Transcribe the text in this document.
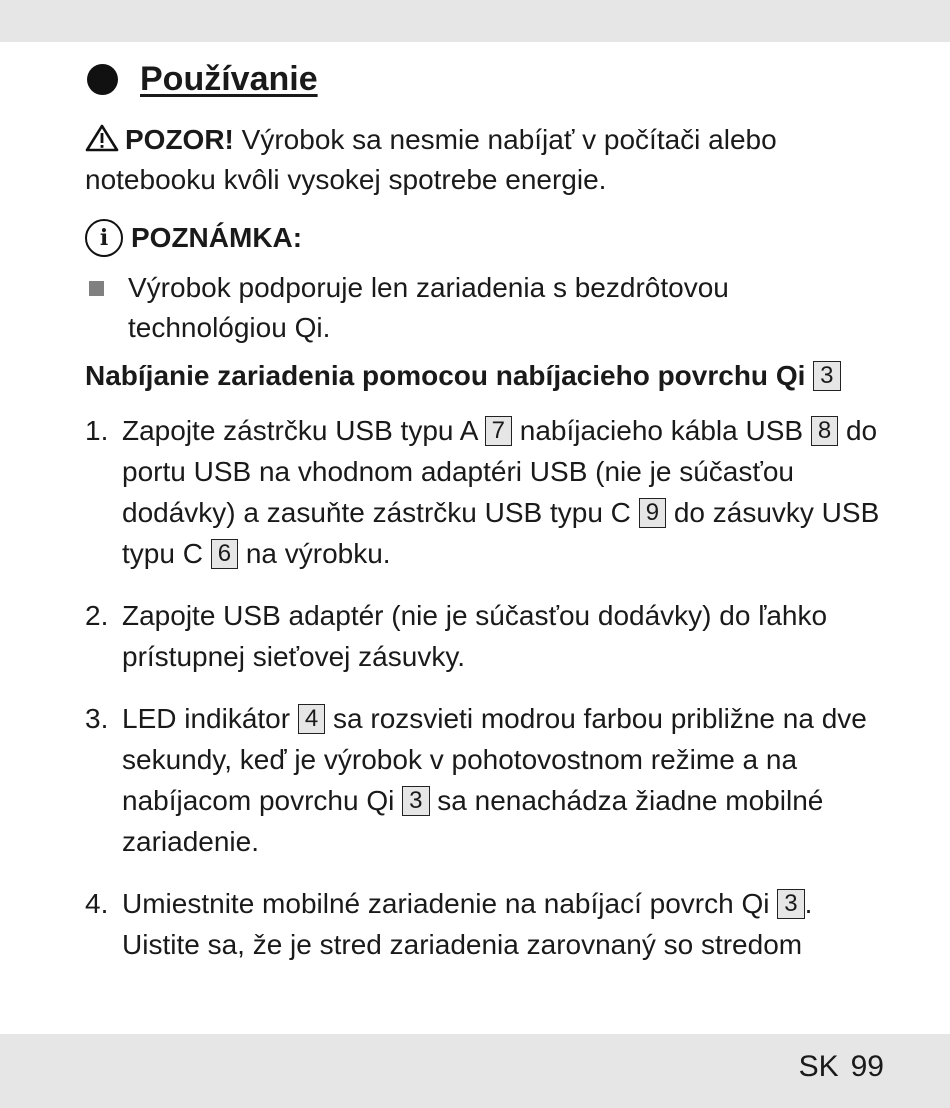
Používanie

POZOR! Výrobok sa nesmie nabíjať v počítači alebo notebooku kvôli vysokej spotrebe energie.

i POZNÁMKA:

Výrobok podporuje len zariadenia s bezdrôtovou technológiou Qi.

Nabíjanie zariadenia pomocou nabíjacieho povrchu Qi 3
1. Zapojte zástrčku USB typu A 7 nabíjacieho kábla USB 8 do portu USB na vhodnom adaptéri USB (nie je súčasťou dodávky) a zasuňte zástrčku USB typu C 9 do zásuvky USB typu C 6 na výrobku.
2. Zapojte USB adaptér (nie je súčasťou dodávky) do ľahko prístupnej sieťovej zásuvky.
3. LED indikátor 4 sa rozsvieti modrou farbou približne na dve sekundy, keď je výrobok v pohotovostnom režime a na nabíjacom povrchu Qi 3 sa nenachádza žiadne mobilné zariadenie.
4. Umiestnite mobilné zariadenie na nabíjací povrch Qi 3 . Uistite sa, že je stred zariadenia zarovnaný so stredom
SK 99
